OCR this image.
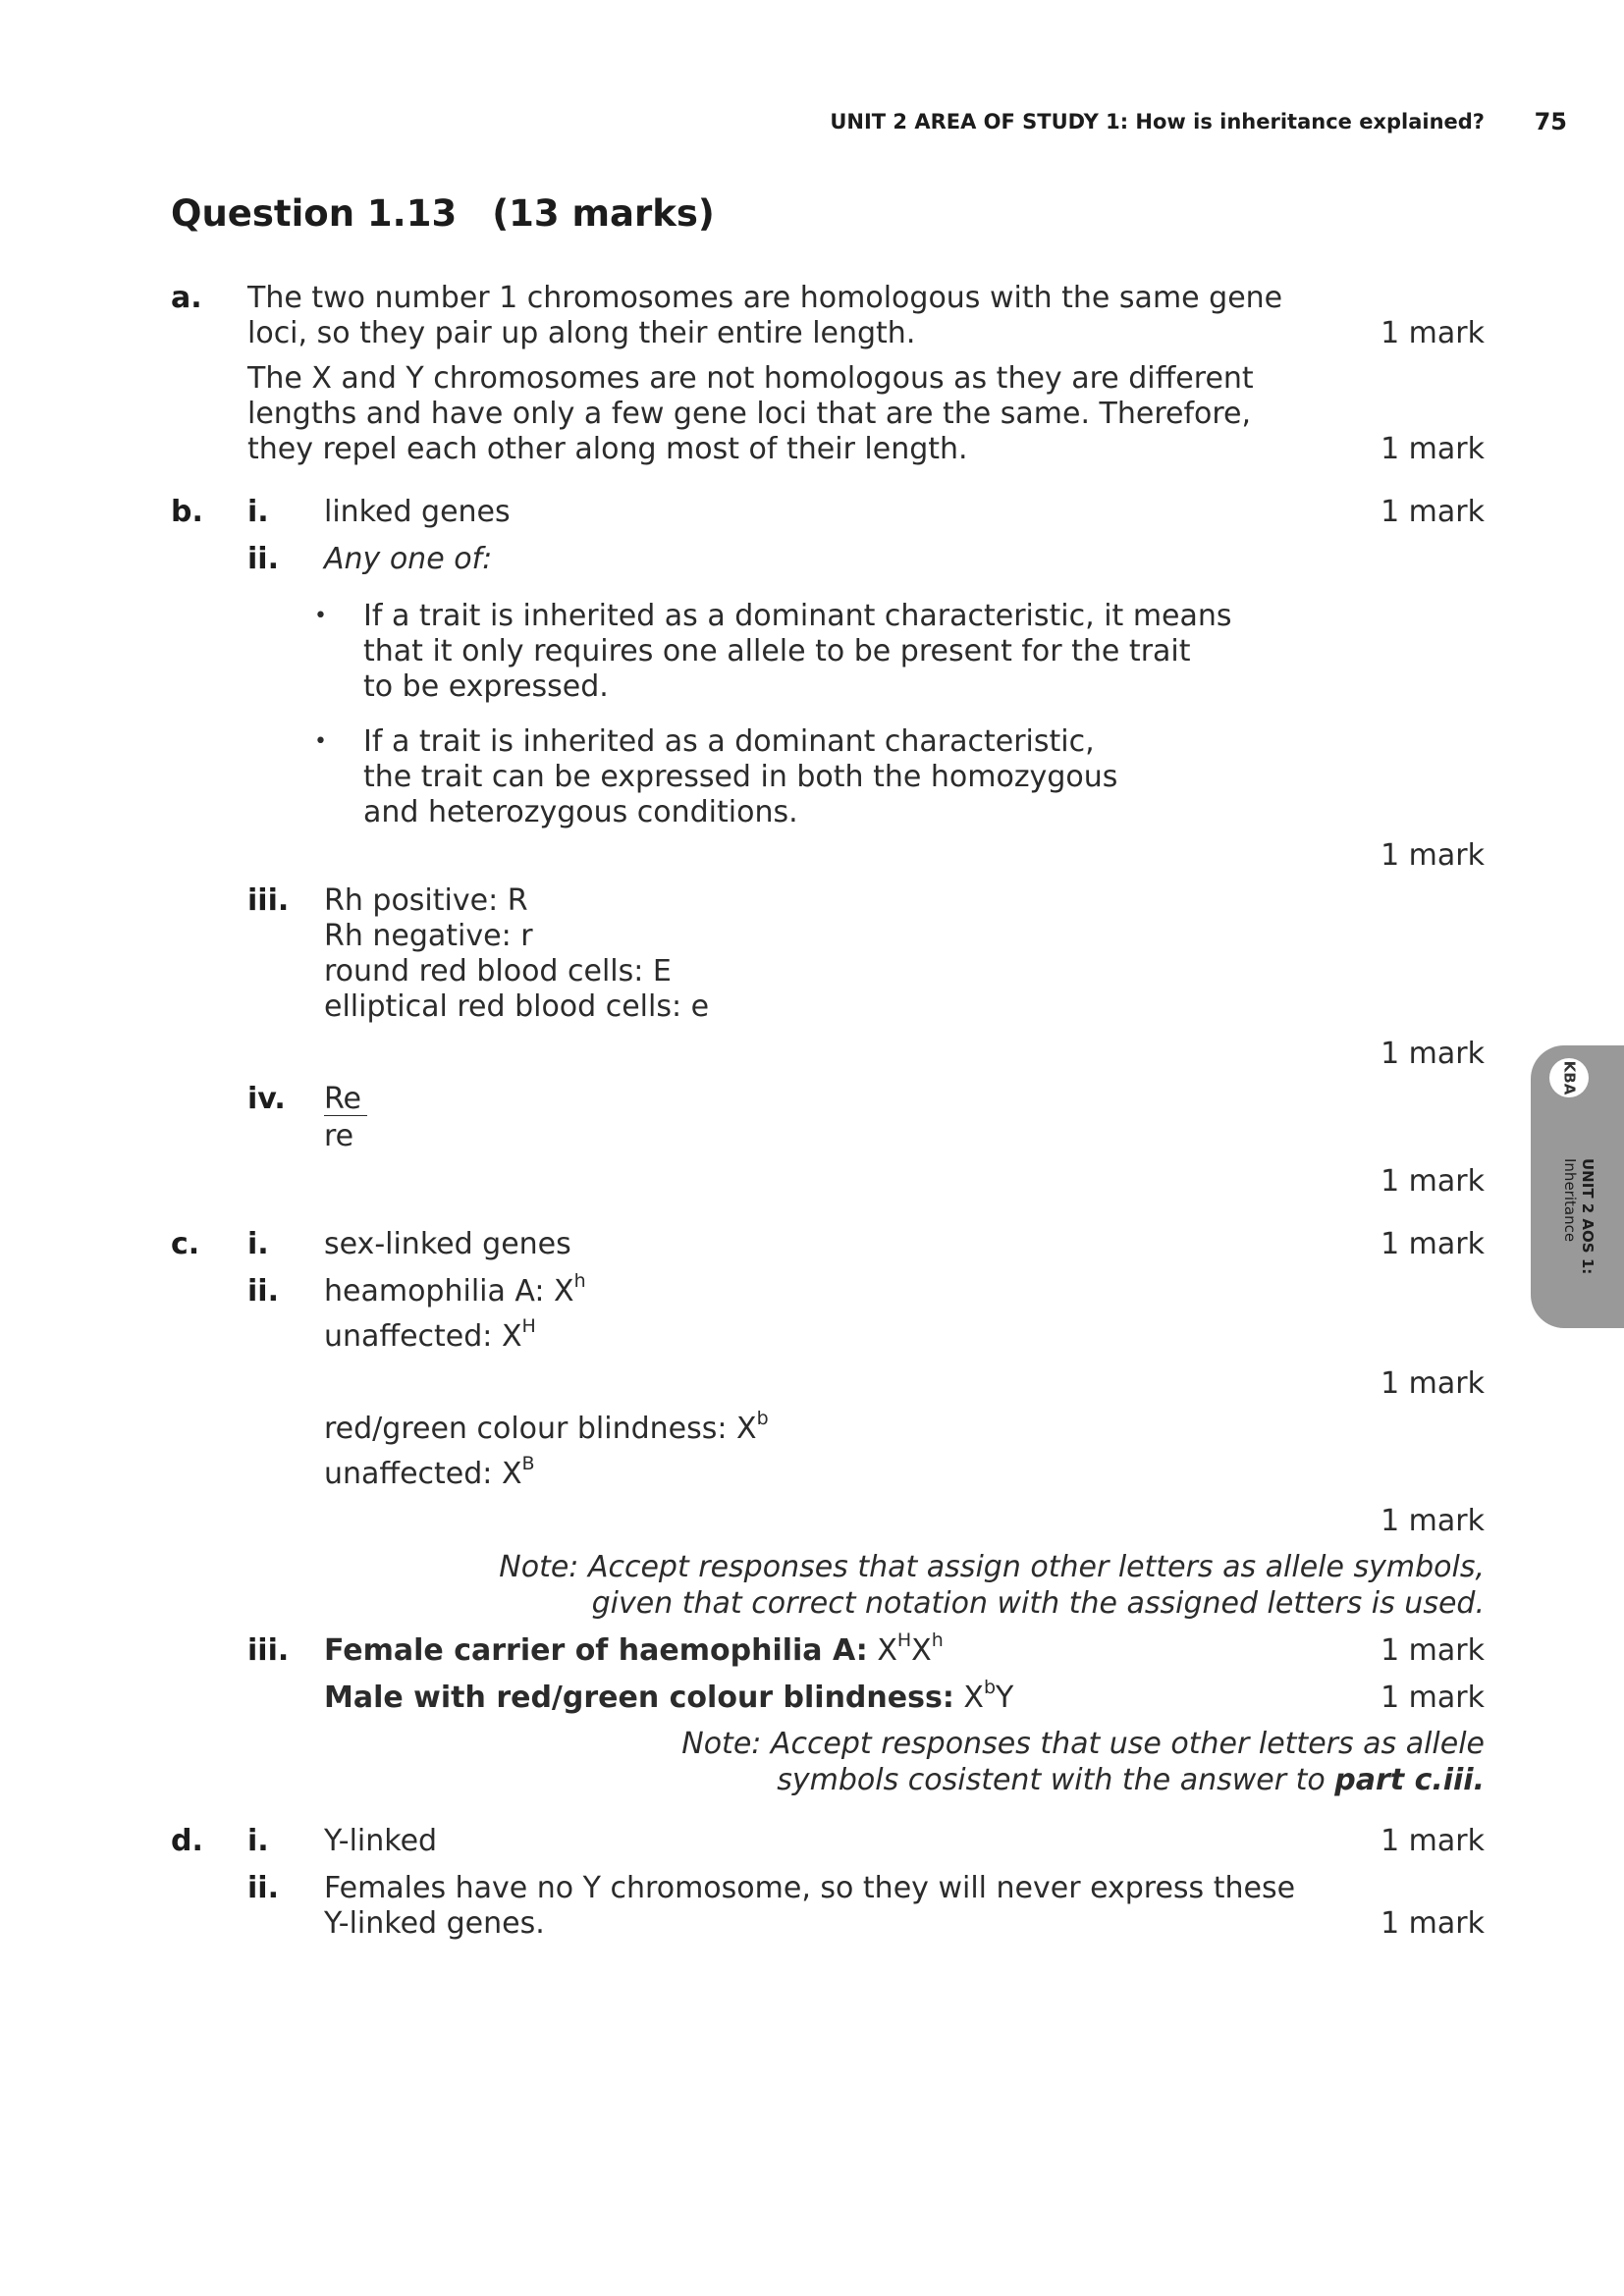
UNIT 2 AREA OF STUDY 1: How is inheritance explained? 75
Question 1.13 (13 marks)
a. The two number 1 chromosomes are homologous with the same gene
loci, so they pair up along their entire length.	1 mark
The X and Y chromosomes are not homologous as they are different
lengths and have only a few gene loci that are the same. Therefore,
they repel each other along most of their length.	1 mark
b. i. linked genes	1 mark
ii. Any one of:
• If a trait is inherited as a dominant characteristic, it means
that it only requires one allele to be present for the trait
to be expressed.
• If a trait is inherited as a dominant characteristic,
the trait can be expressed in both the homozygous
and heterozygous conditions.
1 mark
iii. Rh positive: R
Rh negative: r
round red blood cells: E
elliptical red blood cells: e
1 mark
iv. Re
re
1 mark
c. i. sex-linked genes	1 mark
ii. heamophilia A: $X^h$
unaffected: $X^H$
1 mark
red/green colour blindness: $X^b$
unaffected: $X^B$
1 mark
Note: Accept responses that assign other letters as allele symbols,
given that correct notation with the assigned letters is used.
iii. Female carrier of haemophilia A: $X^HX^h$	1 mark
Male with red/green colour blindness: $X^bY$	1 mark
Note: Accept responses that use other letters as allele
symbols cosistent with the answer to part c.iii.
d. i. Y-linked	1 mark
ii. Females have no Y chromosome, so they will never express these
Y-linked genes.	1 mark
KBA
UNIT 2 AOS 1:
Inheritance
